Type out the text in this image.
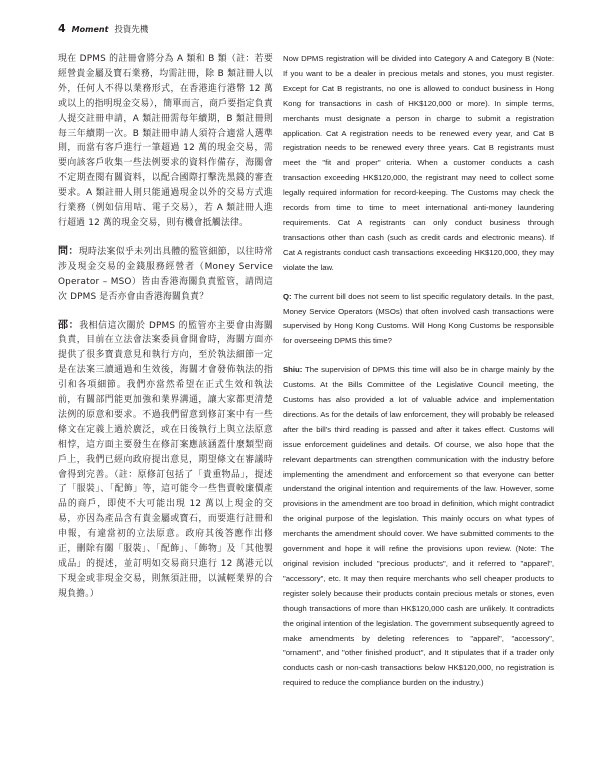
4 Moment 投資先機

現在 DPMS 的註冊會將分為 A 類和 B 類（註：若要經營貴金屬及寶石業務，均需註冊，除 B 類註冊人以外，任何人不得以業務形式，在香港進行港幣 12 萬或以上的指明現金交易），簡單而言，商戶要指定負責人提交註冊申請，A 類註冊需每年續期，B 類註冊則每三年續期一次。B 類註冊申請人須符合適當人選準則，而當有客戶進行一筆超過 12 萬的現金交易，需要向該客戶收集一些法例要求的資料作備存，海關會不定期查閱有關資料，以配合國際打擊洗黑錢的審查要求。A 類註冊人則只能通過現金以外的交易方式進行業務（例如信用咭、電子交易），若 A 類註冊人進行超過 12 萬的現金交易，則有機會抵觸法律。

問：現時法案似乎未列出具體的監管細節，以往時常涉及現金交易的金錢服務經營者（Money Service Operator – MSO）皆由香港海關負責監管，請問這次 DPMS 是否亦會由香港海關負責？

邵：我相信這次關於 DPMS 的監管亦主要會由海關負責，目前在立法會法案委員會開會時，海關方面亦提供了很多寶貴意見和執行方向，至於執法細節一定是在法案三讀通過和生效後，海關才會發佈執法的指引和各項細節。我們亦當然希望在正式生效和執法前，有關部門能更加強和業界溝通，讓大家都更清楚法例的原意和要求。不過我們留意到修訂案中有一些條文在定義上過於廣泛，或在日後執行上與立法原意相悖，這方面主要發生在修訂案應該涵蓋什麼類型商戶上，我們已經向政府提出意見，期望條文在審議時會得到完善。（註：原修訂包括了「貴重物品」，提述了「服裝」、「配飾」等，這可能令一些售賣較廉價產品的商戶，即使不大可能出現 12 萬以上現金的交易，亦因為產品含有貴金屬或寶石，而要進行註冊和申報，有違當初的立法原意。政府其後答應作出修正，刪除有關「服裝」、「配飾」、「飾物」及「其他製成品」的提述，並訂明如交易商只進行 12 萬港元以下現金或非現金交易，則無須註冊，以減輕業界的合規負擔。）

Now DPMS registration will be divided into Category A and Category B (Note: If you want to be a dealer in precious metals and stones, you must register. Except for Cat B registrants, no one is allowed to conduct business in Hong Kong for transactions in cash of HK$120,000 or more). In simple terms, merchants must designate a person in charge to submit a registration application. Cat A registration needs to be renewed every year, and Cat B registration needs to be renewed every three years. Cat B registrants must meet the "fit and proper" criteria. When a customer conducts a cash transaction exceeding HK$120,000, the registrant may need to collect some legally required information for record-keeping. The Customs may check the records from time to time to meet international anti-money laundering requirements. Cat A registrants can only conduct business through transactions other than cash (such as credit cards and electronic means). If Cat A registrants conduct cash transactions exceeding HK$120,000, they may violate the law.

Q: The current bill does not seem to list specific regulatory details. In the past, Money Service Operators (MSOs) that often involved cash transactions were supervised by Hong Kong Customs. Will Hong Kong Customs be responsible for overseeing DPMS this time?

Shiu: The supervision of DPMS this time will also be in charge mainly by the Customs. At the Bills Committee of the Legislative Council meeting, the Customs has also provided a lot of valuable advice and implementation directions. As for the details of law enforcement, they will probably be released after the bill's third reading is passed and after it takes effect. Customs will issue enforcement guidelines and details. Of course, we also hope that the relevant departments can strengthen communication with the industry before implementing the amendment and enforcement so that everyone can better understand the original intention and requirements of the law. However, some provisions in the amendment are too broad in definition, which might contradict the original purpose of the legislation. This mainly occurs on what types of merchants the amendment should cover. We have submitted comments to the government and hope it will refine the provisions upon review. (Note: The original revision included "precious products", and it referred to "apparel", "accessory", etc. It may then require merchants who sell cheaper products to register solely because their products contain precious metals or stones, even though transactions of more than HK$120,000 cash are unlikely. It contradicts the original intention of the legislation. The government subsequently agreed to make amendments by deleting references to "apparel", "accessory", "ornament", and "other finished product", and It stipulates that if a trader only conducts cash or non-cash transactions below HK$120,000, no registration is required to reduce the compliance burden on the industry.)
